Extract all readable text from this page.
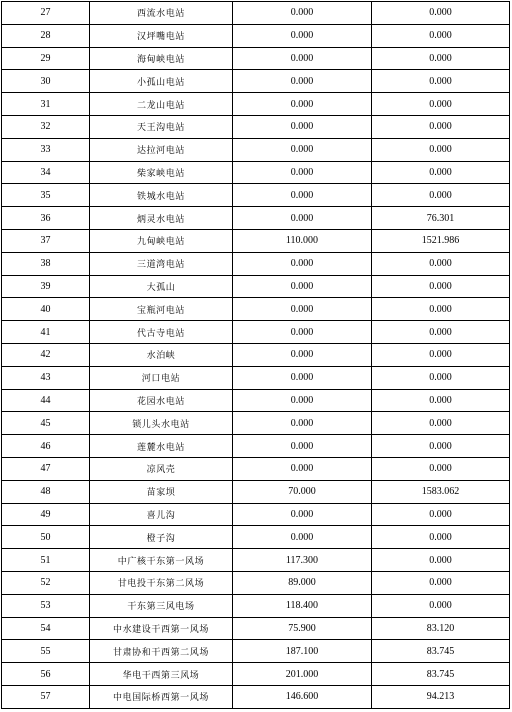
27	西流水电站	0.000	0.000
28	汉坪嘴电站	0.000	0.000
29	海甸峡电站	0.000	0.000
30	小孤山电站	0.000	0.000
31	二龙山电站	0.000	0.000
32	天王沟电站	0.000	0.000
33	达拉河电站	0.000	0.000
34	柴家峡电站	0.000	0.000
35	铁城水电站	0.000	0.000
36	炳灵水电站	0.000	76.301
37	九甸峡电站	110.000	1521.986
38	三道湾电站	0.000	0.000
39	大孤山	0.000	0.000
40	宝瓶河电站	0.000	0.000
41	代古寺电站	0.000	0.000
42	水泊峡	0.000	0.000
43	河口电站	0.000	0.000
44	花园水电站	0.000	0.000
45	锁儿头水电站	0.000	0.000
46	莲麓水电站	0.000	0.000
47	凉风壳	0.000	0.000
48	苗家坝	70.000	1583.062
49	喜儿沟	0.000	0.000
50	橙子沟	0.000	0.000
51	中广核干东第一风场	117.300	0.000
52	甘电投干东第二风场	89.000	0.000
53	干东第三风电场	118.400	0.000
54	中水建设干西第一风场	75.900	83.120
55	甘肃协和干西第二风场	187.100	83.745
56	华电干西第三风场	201.000	83.745
57	中电国际桥西第一风场	146.600	94.213
